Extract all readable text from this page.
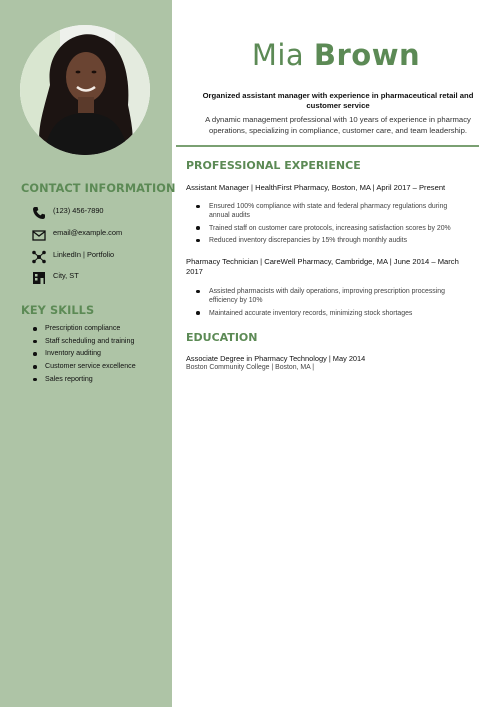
CONTACT INFORMATION
(123) 456-7890
email@example.com
LinkedIn | Portfolio
City, ST
KEY SKILLS
Prescription compliance
Staff scheduling and training
Inventory auditing
Customer service excellence
Sales reporting
Mia Brown
Organized assistant manager with experience in pharmaceutical retail and customer service
A dynamic management professional with 10 years of experience in pharmacy operations, specializing in compliance, customer care, and team leadership.
PROFESSIONAL EXPERIENCE
Assistant Manager | HealthFirst Pharmacy, Boston, MA | April 2017 – Present
Ensured 100% compliance with state and federal pharmacy regulations during annual audits
Trained staff on customer care protocols, increasing satisfaction scores by 20%
Reduced inventory discrepancies by 15% through monthly audits
Pharmacy Technician | CareWell Pharmacy, Cambridge, MA | June 2014 – March 2017
Assisted pharmacists with daily operations, improving prescription processing efficiency by 10%
Maintained accurate inventory records, minimizing stock shortages
EDUCATION
Associate Degree in Pharmacy Technology | May 2014
Boston Community College | Boston, MA |
